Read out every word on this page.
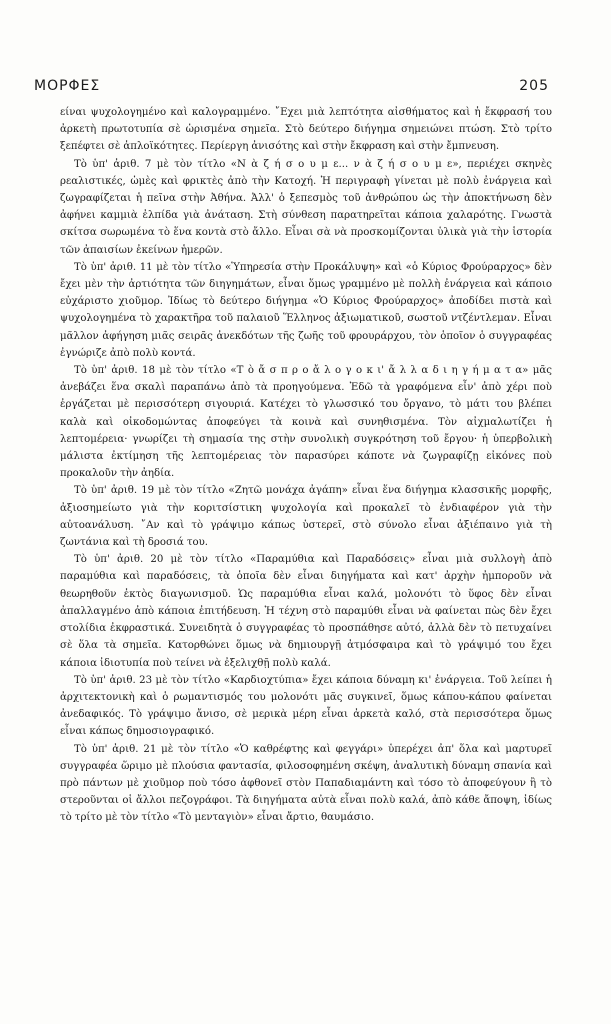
ΜΟΡΦΕΣ	205

είναι ψυχολογημένο καὶ καλογραμμένο. ῎Εχει μιὰ λεπτότητα αἰσθήματος καὶ ἡ ἔκφρασή του ἀρκετὴ πρωτοτυπία σὲ ὡρισμένα σημεῖα. Στὸ δεύτερο διήγημα σημειώνει πτώση. Στὸ τρίτο ξεπέφτει σὲ ἁπλοϊκότητες. Περίεργη ἀνισότης καὶ στὴν ἔκφραση καὶ στὴν ἔμπνευση.

Τὸ ὑπ' ἀριθ. 7 μὲ τὸν τίτλο «Ν ὰ ζ ή σ ο υ μ ε... ν ὰ ζ ή σ ο υ μ ε», περιέχει σκηνὲς ρεαλιστικές, ὠμὲς καὶ φρικτὲς ἀπὸ τὴν Κατοχή. Ἡ περιγραφὴ γίνεται μὲ πολὺ ἐνάργεια καὶ ζωγραφίζεται ἡ πεῖνα στὴν Ἀθήνα. Ἀλλ' ὁ ξεπεσμὸς τοῦ ἀνθρώπου ὡς τὴν ἀποκτήνωση δὲν ἀφήνει καμμιὰ ἐλπίδα γιὰ ἀνάταση. Στὴ σύνθεση παρατηρεῖται κάποια χαλαρότης. Γνωστὰ σκίτσα σωρωμένα τὸ ἕνα κοντὰ στὸ ἄλλο. Εἶναι σὰ νὰ προσκομίζονται ὑλικὰ γιὰ τὴν ἱστορία τῶν ἀπαισίων ἐκείνων ἡμερῶν.

Τὸ ὑπ' ἀριθ. 11 μὲ τὸν τίτλο «Ὑπηρεσία στὴν Προκάλυψη» καὶ «ὁ Κύριος Φρούραρχος» δὲν ἔχει μὲν τὴν ἀρτιότητα τῶν διηγημάτων, εἶναι ὅμως γραμμένο μὲ πολλὴ ἐνάργεια καὶ κάποιο εὐχάριστο χιοῦμορ. Ἰδίως τὸ δεύτερο διήγημα «Ὁ Κύριος Φρούραρχος» ἀποδίδει πιστὰ καὶ ψυχολογημένα τὸ χαρακτῆρα τοῦ παλαιοῦ Ἕλληνος ἀξιωματικοῦ, σωστοῦ ντζέντλεμαν. Εἶναι μᾶλλον ἀφήγηση μιᾶς σειρᾶς ἀνεκδότων τῆς ζωῆς τοῦ φρουράρχου, τὸν ὁποῖον ὁ συγγραφέας ἐγνώριζε ἀπὸ πολὺ κοντά.

Τὸ ὑπ' ἀριθ. 18 μὲ τὸν τίτλο «Τ ὸ ἄ σ π ρ ο ἄ λ ο γ ο κ ι' ἄ λ λ α δ ι η γ ή μ α τ α» μᾶς ἀνεβάζει ἕνα σκαλὶ παραπάνω ἀπὸ τὰ προηγούμενα. Ἐδῶ τὰ γραφόμενα εἶν' ἀπὸ χέρι ποὺ ἐργάζεται μὲ περισσότερη σιγουριά. Κατέχει τὸ γλωσσικό του ὄργανο, τὸ μάτι του βλέπει καλὰ καὶ οἰκοδομώντας ἀποφεύγει τὰ κοινὰ καὶ συνηθισμένα. Τὸν αἰχμαλωτίζει ἡ λεπτομέρεια· γνωρίζει τὴ σημασία της στὴν συνολικὴ συγκρότηση τοῦ ἔργου· ἡ ὑπερβολικὴ μάλιστα ἐκτίμηση τῆς λεπτομέρειας τὸν παρασύρει κάποτε νὰ ζωγραφίζῃ εἰκόνες ποὺ προκαλοῦν τὴν ἀηδία.

Τὸ ὑπ' ἀριθ. 19 μὲ τὸν τίτλο «Ζητῶ μονάχα ἀγάπη» εἶναι ἕνα διήγημα κλασσικῆς μορφῆς, ἀξιοσημείωτο γιὰ τὴν κοριτσίστικη ψυχολογία καὶ προκαλεῖ τὸ ἐνδιαφέρον γιὰ τὴν αὐτοανάλυση. ῎Αν καὶ τὸ γράψιμο κάπως ὑστερεῖ, στὸ σύνολο εἶναι ἀξιέπαινο γιὰ τὴ ζωντάνια καὶ τὴ δροσιά του.

Τὸ ὑπ' ἀριθ. 20 μὲ τὸν τίτλο «Παραμύθια καὶ Παραδόσεις» εἶναι μιὰ συλλογὴ ἀπὸ παραμύθια καὶ παραδόσεις, τὰ ὁποῖα δὲν εἶναι διηγήματα καὶ κατ' ἀρχὴν ἠμποροῦν νὰ θεωρηθοῦν ἐκτὸς διαγωνισμοῦ. Ὡς παραμύθια εἶναι καλά, μολονότι τὸ ὕφος δὲν εἶναι ἀπαλλαγμένο ἀπὸ κάποια ἐπιτήδευση. Ἡ τέχνη στὸ παραμύθι εἶναι νὰ φαίνεται πὼς δὲν ἔχει στολίδια ἐκφραστικά. Συνειδητὰ ὁ συγγραφέας τὸ προσπάθησε αὐτό, ἀλλὰ δὲν τὸ πετυχαίνει σὲ ὅλα τὰ σημεῖα. Κατορθώνει ὅμως νὰ δημιουργῇ ἀτμόσφαιρα καὶ τὸ γράψιμό του ἔχει κάποια ἰδιοτυπία ποὺ τείνει νὰ ἐξελιχθῇ πολὺ καλά.

Τὸ ὑπ' ἀριθ. 23 μὲ τὸν τίτλο «Καρδιοχτύπια» ἔχει κάποια δύναμη κι' ἐνάργεια. Τοῦ λείπει ἡ ἀρχιτεκτονικὴ καὶ ὁ ρωμαντισμός του μολονότι μᾶς συγκινεῖ, ὅμως κάπου-κάπου φαίνεται ἀνεδαφικός. Τὸ γράψιμο ἄνισο, σὲ μερικὰ μέρη εἶναι ἀρκετὰ καλό, στὰ περισσότερα ὅμως εἶναι κάπως δημοσιογραφικό.

Τὸ ὑπ' ἀριθ. 21 μὲ τὸν τίτλο «Ὁ καθρέφτης καὶ φεγγάρι» ὑπερέχει ἀπ' ὅλα καὶ μαρτυρεῖ συγγραφέα ὥριμο μὲ πλούσια φαντασία, φιλοσοφημένη σκέψη, ἀναλυτικὴ δύναμη σπανία καὶ πρὸ πάντων μὲ χιοῦμορ ποὺ τόσο ἀφθονεῖ στὸν Παπαδιαμάντη καὶ τόσο τὸ ἀποφεύγουν ἢ τὸ στεροῦνται οἱ ἄλλοι πεζογράφοι. Τὰ διηγήματα αὐτὰ εἶναι πολὺ καλά, ἀπὸ κάθε ἄποψη, ἰδίως τὸ τρίτο μὲ τὸν τίτλο «Τὸ μενταγιὸν» εἶναι ἄρτιο, θαυμάσιο.
